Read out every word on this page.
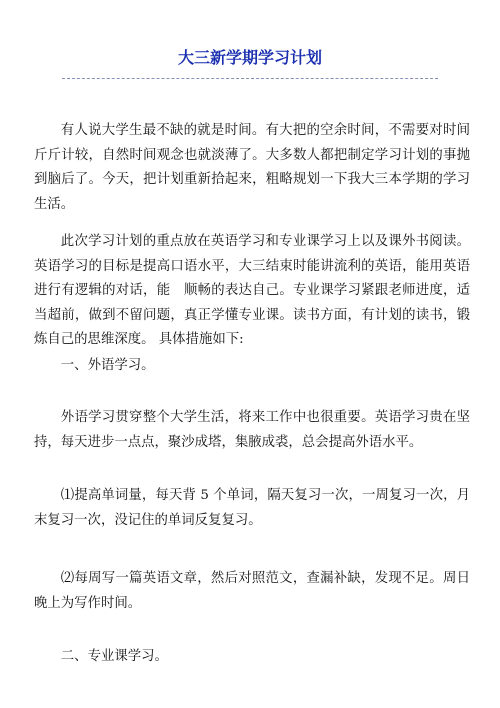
大三新学期学习计划

有人说大学生最不缺的就是时间。有大把的空余时间，不需要对时间斤斤计较，自然时间观念也就淡薄了。大多数人都把制定学习计划的事抛到脑后了。今天，把计划重新拾起来，粗略规划一下我大三本学期的学习生活。

此次学习计划的重点放在英语学习和专业课学习上以及课外书阅读。英语学习的目标是提高口语水平，大三结束时能讲流利的英语，能用英语进行有逻辑的对话，能　顺畅的表达自己。专业课学习紧跟老师进度，适当超前，做到不留问题，真正学懂专业课。读书方面，有计划的读书，锻炼自己的思维深度。 具体措施如下:

一、外语学习。

外语学习贯穿整个大学生活，将来工作中也很重要。英语学习贵在坚持，每天进步一点点，聚沙成塔，集腋成裘，总会提高外语水平。

⑴提高单词量，每天背 5 个单词，隔天复习一次，一周复习一次，月末复习一次，没记住的单词反复复习。

⑵每周写一篇英语文章，然后对照范文，查漏补缺，发现不足。周日晚上为写作时间。

二、专业课学习。
